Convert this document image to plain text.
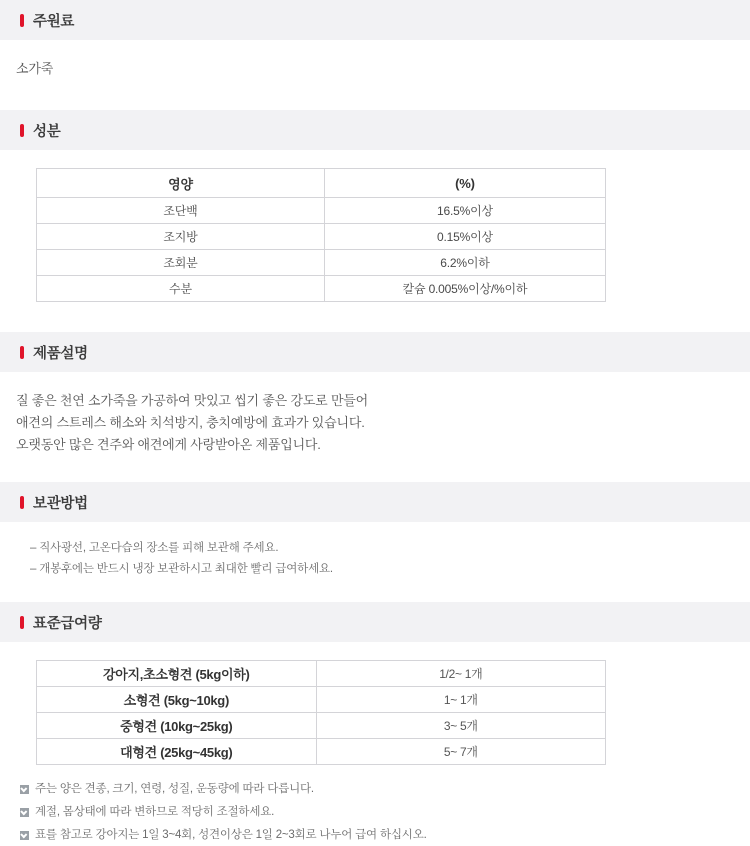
주원료

소가죽

성분
영양	(%)
조단백	16.5%이상
조지방	0.15%이상
조회분	6.2%이하
수분	칼슘 0.005%이상/%이하
제품설명

질 좋은 천연 소가죽을 가공하여 맛있고 씹기 좋은 강도로 만들어

애견의 스트레스 해소와 치석방지, 충치예방에 효과가 있습니다.

오랫동안 많은 견주와 애견에게 사랑받아온 제품입니다.

보관방법
– 직사광선, 고온다습의 장소를 피해 보관해 주세요.
– 개봉후에는 반드시 냉장 보관하시고 최대한 빨리 급여하세요.
표준급여량
강아지,초소형견 (5kg이하)	1/2~ 1개
소형견 (5kg~10kg)	1~ 1개
중형견 (10kg~25kg)	3~ 5개
대형견 (25kg~45kg)	5~ 7개
주는 양은 견종, 크기, 연령, 성질, 운동량에 따라 다릅니다.
계절, 몸상태에 따라 변하므로 적당히 조절하세요.
표를 참고로 강아지는 1일 3~4회, 성견이상은 1일 2~3회로 나누어 급여 하십시오.
